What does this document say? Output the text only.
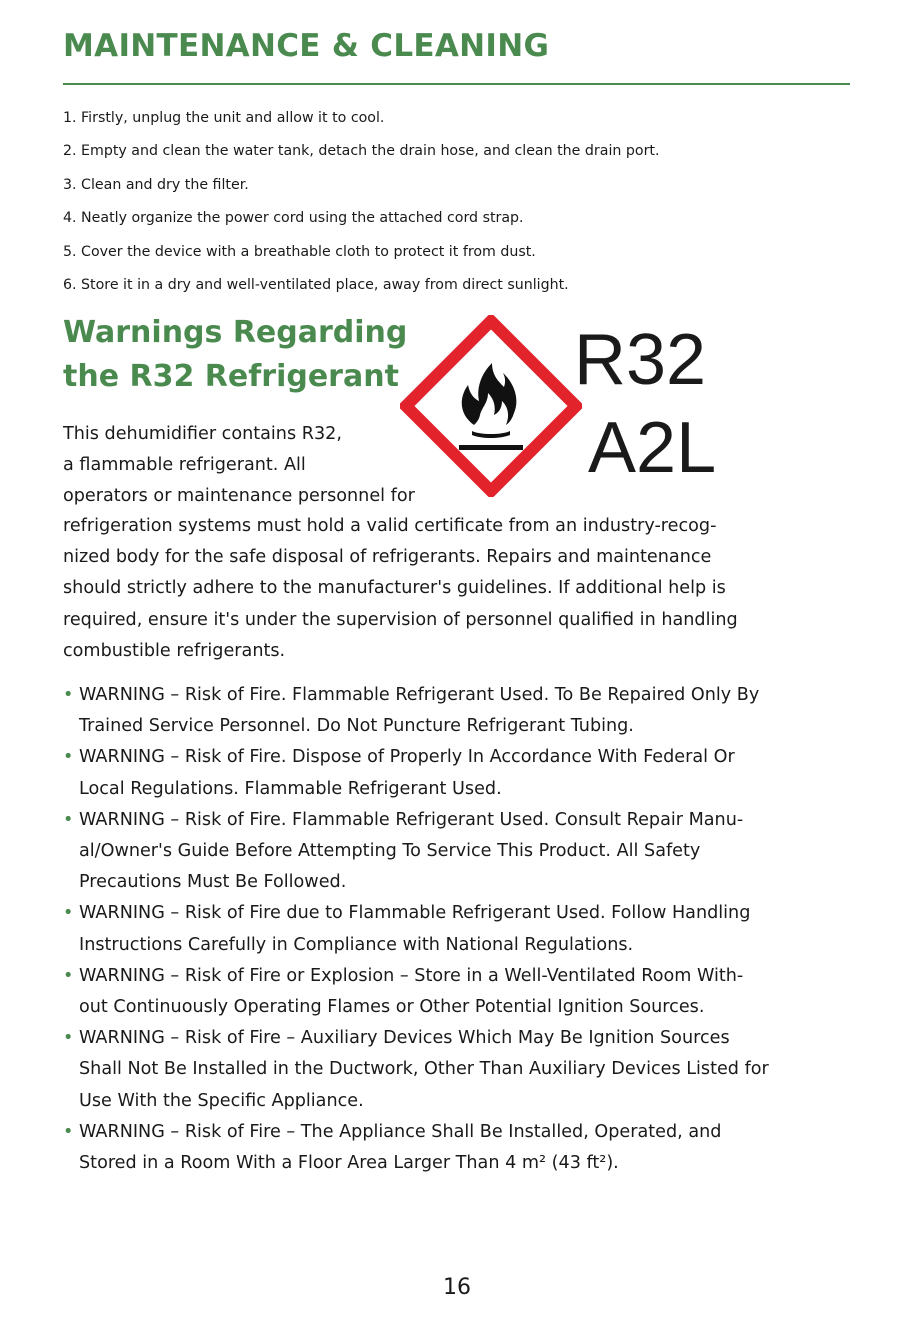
MAINTENANCE & CLEANING
1. Firstly, unplug the unit and allow it to cool.
2. Empty and clean the water tank, detach the drain hose, and clean the drain port.
3. Clean and dry the filter.
4. Neatly organize the power cord using the attached cord strap.
5. Cover the device with a breathable cloth to protect it from dust.
6. Store it in a dry and well-ventilated place, away from direct sunlight.
Warnings Regarding
the R32 Refrigerant R32
A2L
This dehumidifier contains R32,
a flammable refrigerant. All
operators or maintenance personnel for
refrigeration systems must hold a valid certificate from an industry-recog-
nized body for the safe disposal of refrigerants. Repairs and maintenance
should strictly adhere to the manufacturer's guidelines. If additional help is
required, ensure it's under the supervision of personnel qualified in handling
combustible refrigerants.
• WARNING – Risk of Fire. Flammable Refrigerant Used. To Be Repaired Only By
Trained Service Personnel. Do Not Puncture Refrigerant Tubing.
• WARNING – Risk of Fire. Dispose of Properly In Accordance With Federal Or
Local Regulations. Flammable Refrigerant Used.
• WARNING – Risk of Fire. Flammable Refrigerant Used. Consult Repair Manu-
al/Owner's Guide Before Attempting To Service This Product. All Safety
Precautions Must Be Followed.
• WARNING – Risk of Fire due to Flammable Refrigerant Used. Follow Handling
Instructions Carefully in Compliance with National Regulations.
• WARNING – Risk of Fire or Explosion – Store in a Well-Ventilated Room With-
out Continuously Operating Flames or Other Potential Ignition Sources.
• WARNING – Risk of Fire – Auxiliary Devices Which May Be Ignition Sources
Shall Not Be Installed in the Ductwork, Other Than Auxiliary Devices Listed for
Use With the Specific Appliance.
• WARNING – Risk of Fire – The Appliance Shall Be Installed, Operated, and
Stored in a Room With a Floor Area Larger Than 4 m² (43 ft²).
16
